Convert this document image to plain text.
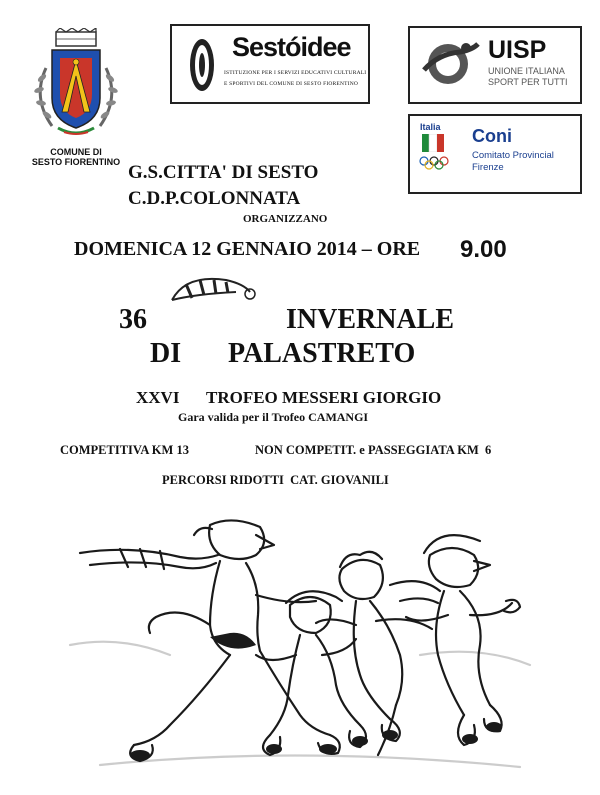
COMUNE DI
SESTO FIORENTINO
Sestóidee
ISTITUZIONE PER I SERVIZI EDUCATIVI CULTURALI
E SPORTIVI DEL COMUNE DI SESTO FIORENTINO
UISP
UNIONE ITALIANA
SPORT PER TUTTI
Italia Coni
Comitato Provincial
Firenze
G.S.CITTA' DI SESTO
C.D.P.COLONNATA
ORGANIZZANO
DOMENICA 12 GENNAIO 2014 – ORE 9.00
36	INVERNALE
DI PALASTRETO
XXVI TROFEO MESSERI GIORGIO
Gara valida per il Trofeo CAMANGI
COMPETITIVA KM 13	NON COMPETIT. e PASSEGGIATA KM  6
PERCORSI RIDOTTI  CAT. GIOVANILI
